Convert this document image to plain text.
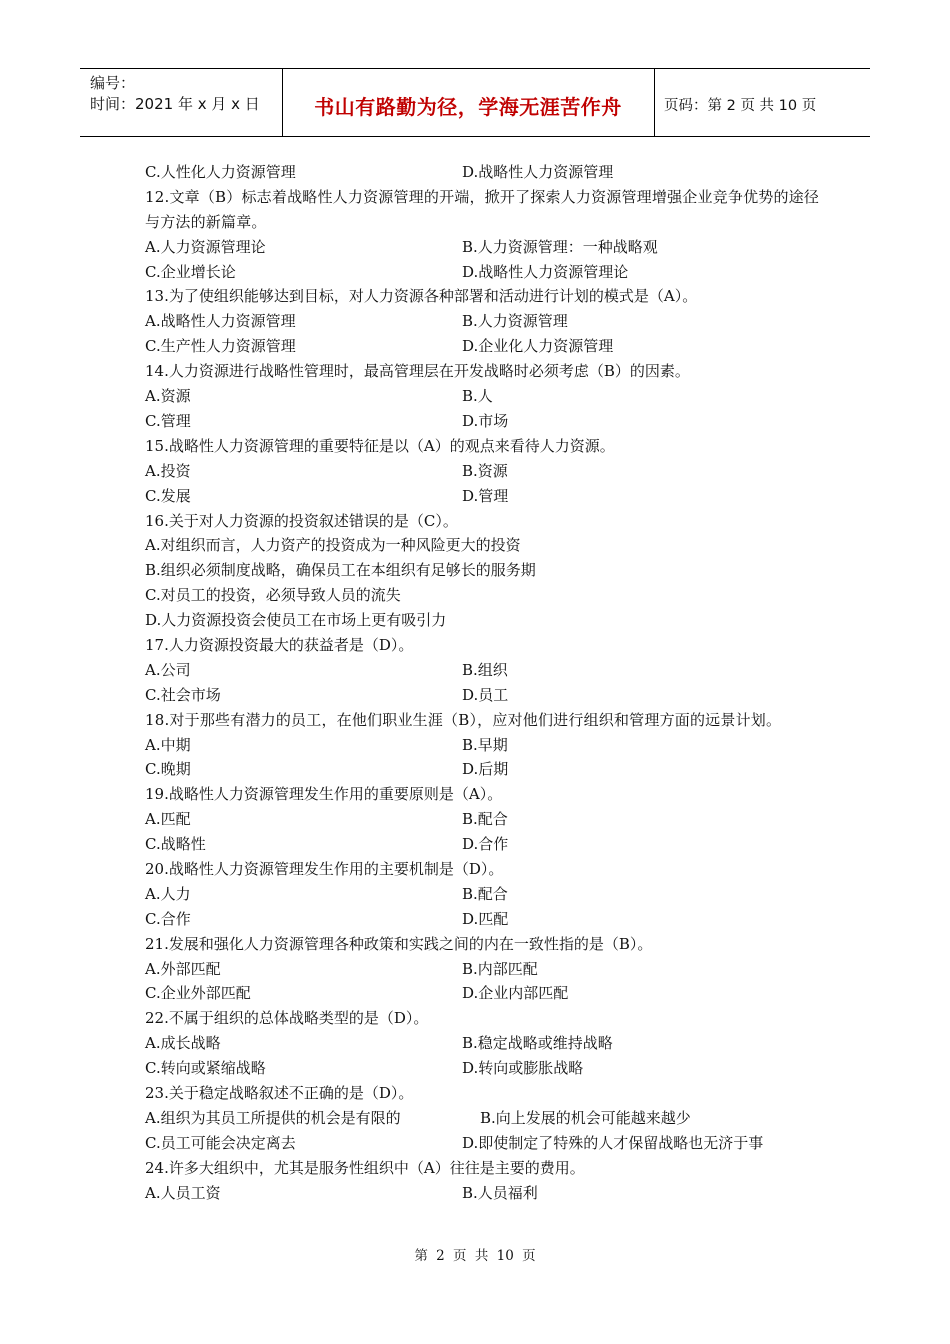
编号：
时间：2021 年 x 月 x 日	书山有路勤为径，学海无涯苦作舟	页码：第 2 页 共 10 页
C.人性化人力资源管理	D.战略性人力资源管理
12.文章（B）标志着战略性人力资源管理的开端，掀开了探索人力资源管理增强企业竞争优势的途径与方法的新篇章。
A.人力资源管理论	B.人力资源管理：一种战略观
C.企业增长论	D.战略性人力资源管理论
13.为了使组织能够达到目标，对人力资源各种部署和活动进行计划的模式是（A）。
A.战略性人力资源管理	B.人力资源管理
C.生产性人力资源管理	D.企业化人力资源管理
14.人力资源进行战略性管理时，最高管理层在开发战略时必须考虑（B）的因素。
A.资源	B.人
C.管理	D.市场
15.战略性人力资源管理的重要特征是以（A）的观点来看待人力资源。
A.投资	B.资源
C.发展	D.管理
16.关于对人力资源的投资叙述错误的是（C）。
A.对组织而言，人力资产的投资成为一种风险更大的投资
B.组织必须制度战略，确保员工在本组织有足够长的服务期
C.对员工的投资，必须导致人员的流失
D.人力资源投资会使员工在市场上更有吸引力
17.人力资源投资最大的获益者是（D）。
A.公司	B.组织
C.社会市场	D.员工
18.对于那些有潜力的员工，在他们职业生涯（B），应对他们进行组织和管理方面的远景计划。
A.中期	B.早期
C.晚期	D.后期
19.战略性人力资源管理发生作用的重要原则是（A）。
A.匹配	B.配合
C.战略性	D.合作
20.战略性人力资源管理发生作用的主要机制是（D）。
A.人力	B.配合
C.合作	D.匹配
21.发展和强化人力资源管理各种政策和实践之间的内在一致性指的是（B）。
A.外部匹配	B.内部匹配
C.企业外部匹配	D.企业内部匹配
22.不属于组织的总体战略类型的是（D）。
A.成长战略	B.稳定战略或维持战略
C.转向或紧缩战略	D.转向或膨胀战略
23.关于稳定战略叙述不正确的是（D）。
A.组织为其员工所提供的机会是有限的	B.向上发展的机会可能越来越少
C.员工可能会决定离去	D.即使制定了特殊的人才保留战略也无济于事
24.许多大组织中，尤其是服务性组织中（A）往往是主要的费用。
A.人员工资	B.人员福利
第 2 页 共 10 页
